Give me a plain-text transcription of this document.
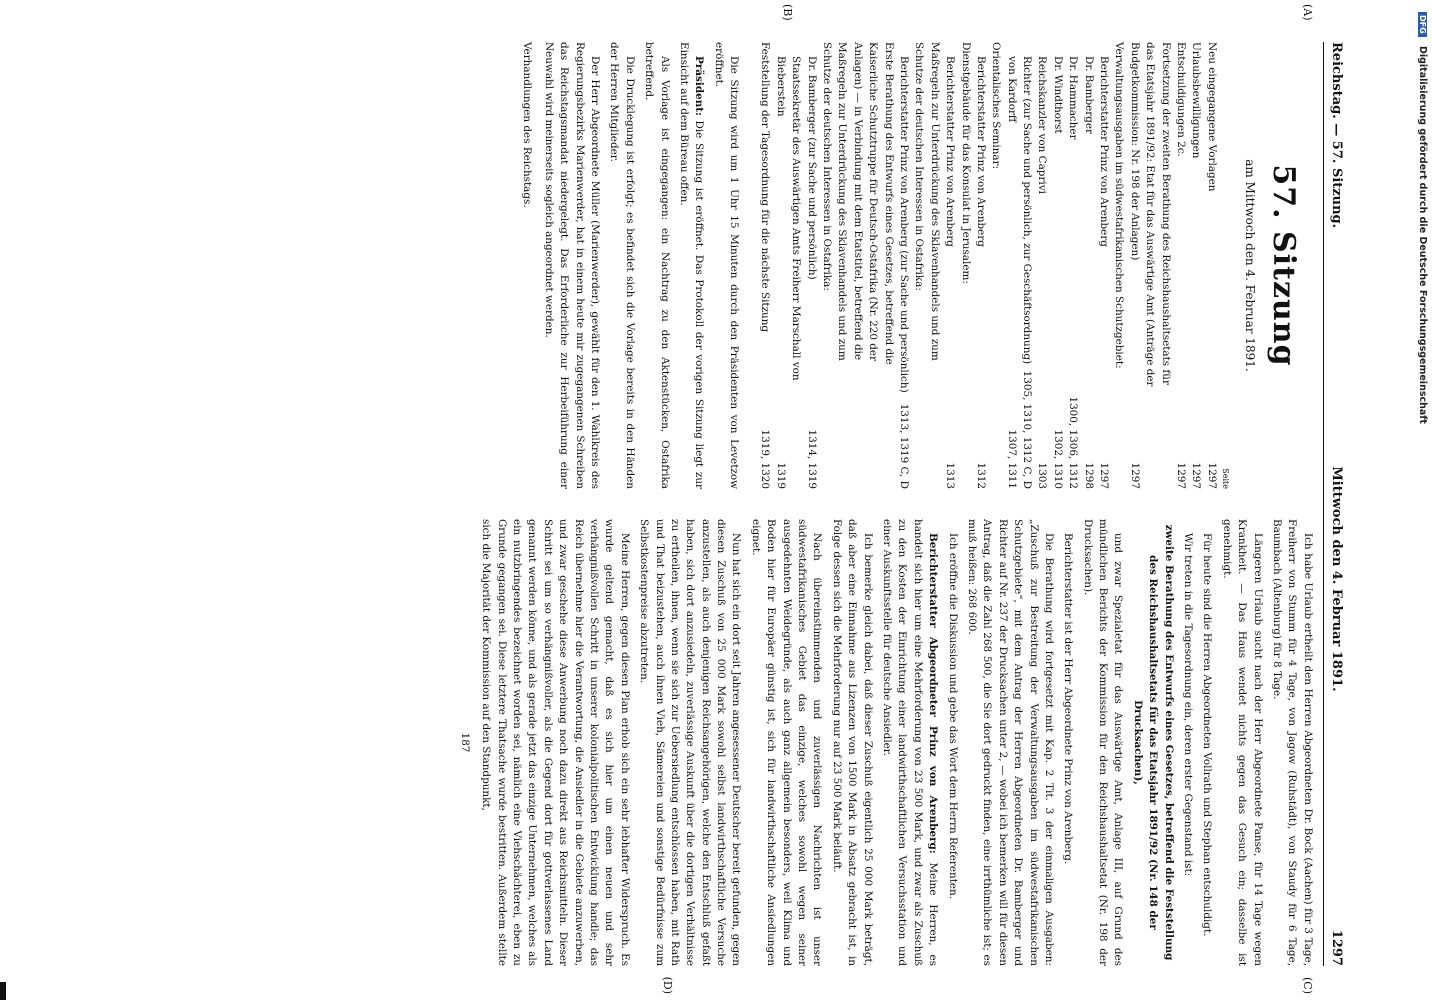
Reichstag. — 57. Sitzung.
Mittwoch den 4. Februar 1891.
1297
(A)
(B)
57. Sitzung
am Mittwoch den 4. Februar 1891.
Seite
Neu eingegangene Vorlagen
1297
Urlaubsbewilligungen
1297
Entschuldigungen 2c.
1297
Fortsetzung der zweiten Berathung des Reichshaushaltsetats für das Etatsjahr 1891/92: Etat für das Auswärtige Amt (Anträge der Budgetkommission: Nr. 198 der Anlagen)
1297
Verwaltungsausgaben im südwestafrikanischen Schutzgebiet:
Berichterstatter Prinz von Arenberg
1297
Dr. Bamberger
1298
Dr. Hammacher
1300, 1306, 1312
Dr. Windthorst
1302, 1310
Reichskanzler von Caprivi
1303
Richter (zur Sache und persönlich, zur Geschäftsordnung)
1305, 1310, 1312 C, D
von Kardorff
1307, 1311
Orientalisches Seminar:
Berichterstatter Prinz von Arenberg
1312
Dienstgebäude für das Konsulat in Jerusalem:
Berichterstatter Prinz von Arenberg
1313
Maßregeln zur Unterdrückung des Sklavenhandels und zum Schutze der deutschen Interessen in Ostafrika:
Berichterstatter Prinz von Arenberg (zur Sache und persönlich)
1313, 1319 C, D
Erste Berathung des Entwurfs eines Gesetzes, betreffend die Kaiserliche Schutztruppe für Deutsch-Ostafrika (Nr. 220 der Anlagen) — in Verbindung mit dem Etatstitel, betreffend die Maßregeln zur Unterdrückung des Sklavenhandels und zum Schutze der deutschen Interessen in Ostafrika:
Dr. Bamberger (zur Sache und persönlich)
1314, 1319
Staatssekretär des Auswärtigen Amts Freiherr Marschall von Bieberstein
1319
Feststellung der Tagesordnung für die nächste Sitzung
1319, 1320

Die Sitzung wird um 1 Uhr 15 Minuten durch den Präsidenten von Levetzow eröffnet.

Präsident: Die Sitzung ist eröffnet. Das Protokoll der vorigen Sitzung liegt zur Einsicht auf dem Büreau offen.

Als Vorlage ist eingegangen: ein Nachtrag zu den Aktenstücken, Ostafrika betreffend.

Die Drucklegung ist erfolgt; es befindet sich die Vorlage bereits in den Händen der Herren Mitglieder.

Der Herr Abgeordnete Müller (Marienwerder), gewählt für den 1. Wahlkreis des Regierungsbezirks Marienwerder, hat in einem heute mir zugegangenen Schreiben das Reichstagsmandat niedergelegt. Das Erforderliche zur Herbeiführung einer Neuwahl wird meinerseits sogleich angeordnet werden.

Verhandlungen des Reichstags.

(C)
(D)

Ich habe Urlaub ertheilt den Herren Abgeordneten Dr. Bock (Aachen) für 3 Tage, Freiherr von Stumm für 4 Tage, von Jagow (Ruhstädt), von Staudy für 6 Tage, Baumbach (Altenburg) für 8 Tage.

Längeren Urlaub sucht nach der Herr Abgeordnete Panse, für 14 Tage wegen Krankheit. — Das Haus wendet nichts gegen das Gesuch ein; dasselbe ist genehmigt.

Für heute sind die Herren Abgeordneten Vollrath und Stephan entschuldigt.

Wir treten in die Tagesordnung ein, deren erster Gegenstand ist:

zweite Berathung des Entwurfs eines Gesetzes, betreffend die Feststellung des Reichshaushaltsetats für das Etatsjahr 1891/92 (Nr. 148 der Drucksachen),

und zwar Spezialetat für das Auswärtige Amt, Anlage III, auf Grund des mündlichen Berichts der Kommission für den Reichshaushaltsetat (Nr. 198 der Drucksachen).

Berichterstatter ist der Herr Abgeordnete Prinz von Arenberg.

Die Berathung wird fortgesetzt mit Kap. 2 Tit. 3 der einmaligen Ausgaben: „Zuschuß zur Bestreitung der Verwaltungsausgaben im südwestafrikanischen Schutzgebiete“, mit dem Antrag der Herren Abgeordneten Dr. Bamberger und Richter auf Nr. 237 der Drucksachen unter 2, — wobei ich bemerken will für diesen Antrag, daß die Zahl 268 500, die Sie dort gedruckt finden, eine irrthümliche ist; es muß heißen: 268 600.

Ich eröffne die Diskussion und gebe das Wort dem Herrn Referenten.

Berichterstatter Abgeordneter Prinz von Arenberg: Meine Herren, es handelt sich hier um eine Mehrforderung von 23 500 Mark, und zwar als Zuschuß zu den Kosten der Einrichtung einer landwirthschaftlichen Versuchsstation und einer Auskunftsstelle für deutsche Ansiedler.

Ich bemerke gleich dabei, daß dieser Zuschuß eigentlich 25 000 Mark beträgt, daß aber eine Einnahme aus Lizenzen von 1500 Mark in Absatz gebracht ist, in Folge dessen sich die Mehrforderung nur auf 23 500 Mark beläuft.

Nach übereinstimmenden und zuverlässigen Nachrichten ist unser südwestafrikanisches Gebiet das einzige, welches sowohl wegen seiner ausgedehnten Weidegründe, als auch ganz allgemein besonders, weil Klima und Boden hier für Europäer günstig ist, sich für landwirthschaftliche Ansiedlungen eignet.

Nun hat sich ein dort seit Jahren angesessener Deutscher bereit gefunden, gegen diesen Zuschuß von 25 000 Mark sowohl selbst landwirthschaftliche Versuche anzustellen, als auch denjenigen Reichsangehörigen, welche den Entschluß gefaßt haben, sich dort anzusiedeln, zuverlässige Auskunft über die dortigen Verhältnisse zu ertheilen, ihnen, wenn sie sich zur Uebersiedlung entschlossen haben, mit Rath und That beizustehen, auch ihnen Vieh, Sämereien und sonstige Bedürfnisse zum Selbstkostenpreise abzutreten.

Meine Herren, gegen diesen Plan erhob sich ein sehr lebhafter Widerspruch. Es wurde geltend gemacht, daß es sich hier um einen neuen und sehr verhängnißvollen Schritt in unserer kolonialpolitischen Entwicklung handle; das Reich übernehme hier die Verantwortung, die Ansiedler in die Gebiete anzuwerben, und zwar geschehe diese Anwerbung noch dazu direkt aus Reichsmitteln. Dieser Schritt sei um so verhängnißvoller, als die Gegend dort für gottverlassenes Land genannt werden könne, und als gerade jetzt das einzige Unternehmen, welches als ein nutzbringendes bezeichnet worden sei, nämlich eine Viehschächterei, eben zu Grunde gegangen sei. Diese letztere Thatsache wurde bestritten. Außerdem stellte sich die Majorität der Kommission auf den Standpunkt,

187

DFG Digitalisierung gefördert durch die Deutsche Forschungsgemeinschaft
